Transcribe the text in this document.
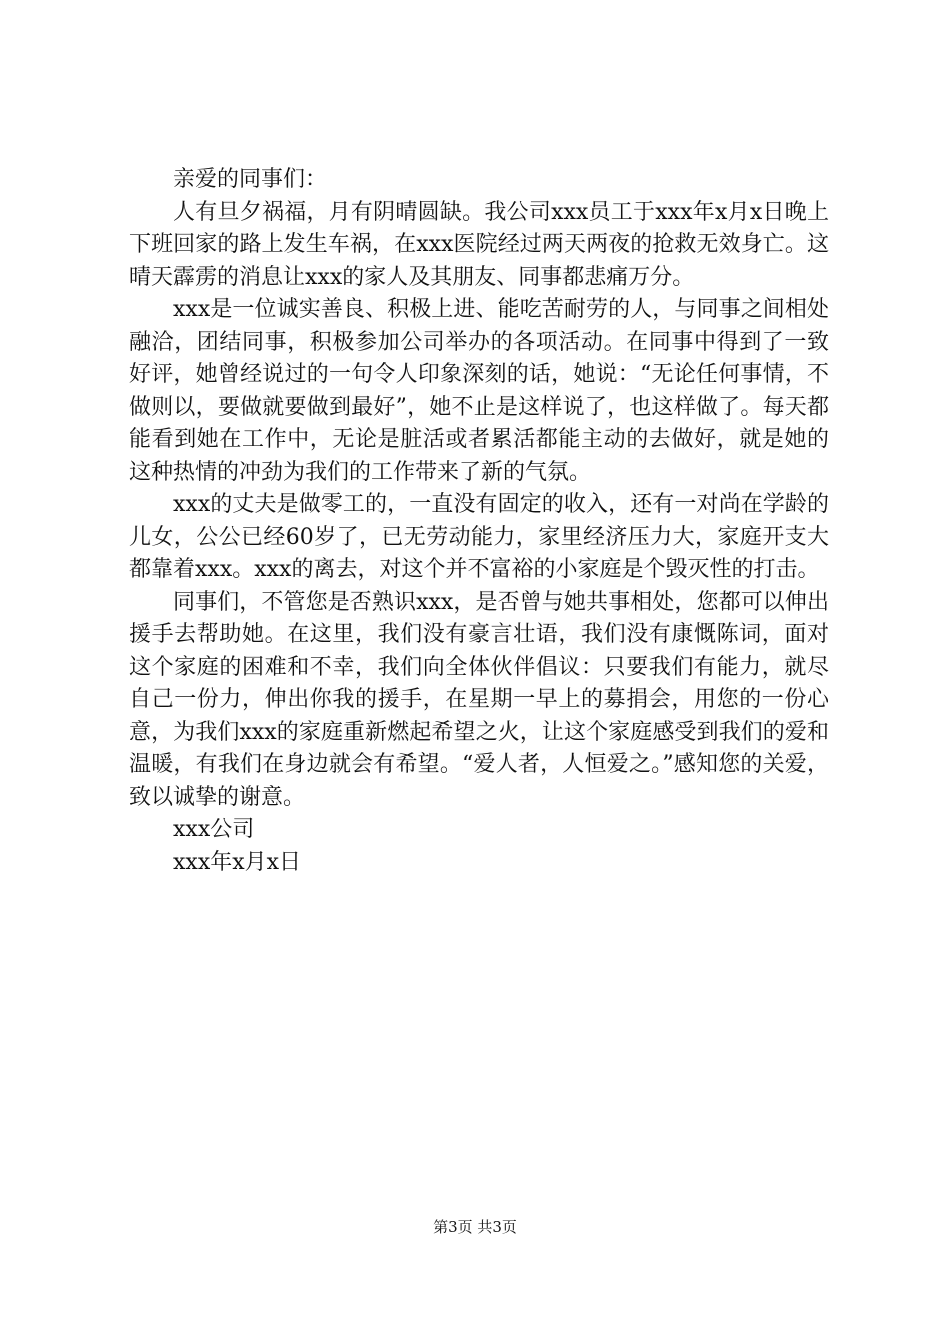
亲爱的同事们：

人有旦夕祸福，月有阴晴圆缺。我公司xxx员工于xxx年x月x日晚上下班回家的路上发生车祸，在xxx医院经过两天两夜的抢救无效身亡。这晴天霹雳的消息让xxx的家人及其朋友、同事都悲痛万分。

xxx是一位诚实善良、积极上进、能吃苦耐劳的人，与同事之间相处融洽，团结同事，积极参加公司举办的各项活动。在同事中得到了一致好评，她曾经说过的一句令人印象深刻的话，她说：“无论任何事情，不做则以，要做就要做到最好”，她不止是这样说了，也这样做了。每天都能看到她在工作中，无论是脏活或者累活都能主动的去做好，就是她的这种热情的冲劲为我们的工作带来了新的气氛。

xxx的丈夫是做零工的，一直没有固定的收入，还有一对尚在学龄的儿女，公公已经60岁了，已无劳动能力，家里经济压力大，家庭开支大都靠着xxx。xxx的离去，对这个并不富裕的小家庭是个毁灭性的打击。

同事们，不管您是否熟识xxx，是否曾与她共事相处，您都可以伸出援手去帮助她。在这里，我们没有豪言壮语，我们没有康慨陈词，面对这个家庭的困难和不幸，我们向全体伙伴倡议：只要我们有能力，就尽自己一份力，伸出你我的援手，在星期一早上的募捐会，用您的一份心意，为我们xxx的家庭重新燃起希望之火，让这个家庭感受到我们的爱和温暖，有我们在身边就会有希望。“爱人者，人恒爱之。”感知您的关爱，致以诚挚的谢意。

xxx公司

xxx年x月x日

第3页 共3页
